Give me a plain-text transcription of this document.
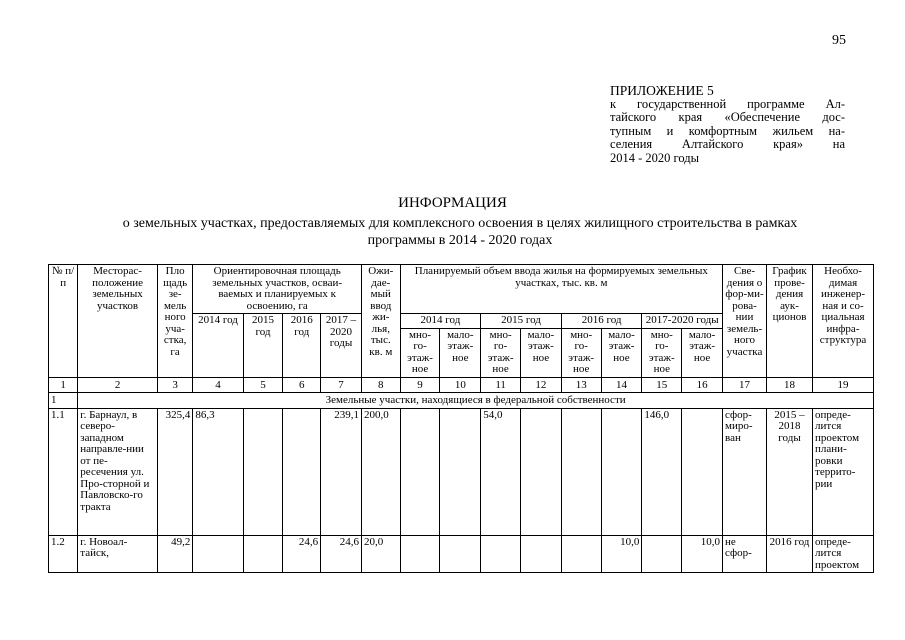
95
ПРИЛОЖЕНИЕ 5
к государственной программе Ал-
тайского края «Обеспечение дос-
тупным и комфортным жильем на-
селения Алтайского края» на
2014 - 2020 годы
ИНФОРМАЦИЯ
о земельных участках, предоставляемых для комплексного освоения в целях жилищного строительства в рамках
программы в 2014 - 2020 годах
№ п/п	Месторас-положение земельных участков	Пло щадь зе-мель ного уча-стка, га	Ориентировочная площадь земельных участков, осваи-ваемых и планируемых к освоению, га				Ожи-дае-мый ввод жи-лья, тыс. кв. м	Планируемый объем ввода жилья на формируемых земельных участках, тыс. кв. м								Све-дения о фор-ми-рова-нии земель-ного участка	График прове-дения аук-ционов	Необхо-димая инженер-ная и со-циальная инфра-структура
			2014 год	2015 год	2016 год	2017 – 2020 годы		2014 год		2015 год		2016 год		2017-2020 годы				
								мно-го-этаж-ное	мало-этаж-ное	мно-го-этаж-ное	мало-этаж-ное	мно-го-этаж-ное	мало-этаж-ное	мно-го-этаж-ное	мало-этаж-ное			
1	2	3	4	5	6	7	8	9	10	11	12	13	14	15	16	17	18	19
1	Земельные участки, находящиеся в федеральной собственности																	
1.1	г. Барнаул, в северо-западном направле-нии от пе-ресечения ул. Про-сторной и Павловско-го тракта	325,4	86,3			239,1	200,0			54,0				146,0		сфор-миро-ван	2015 – 2018 годы	опреде-лится проектом плани-ровки террито-рии
1.2	г. Новоал-тайск,	49,2			24,6	24,6	20,0						10,0		10,0	не сфор-	2016 год	опреде-лится проектом
